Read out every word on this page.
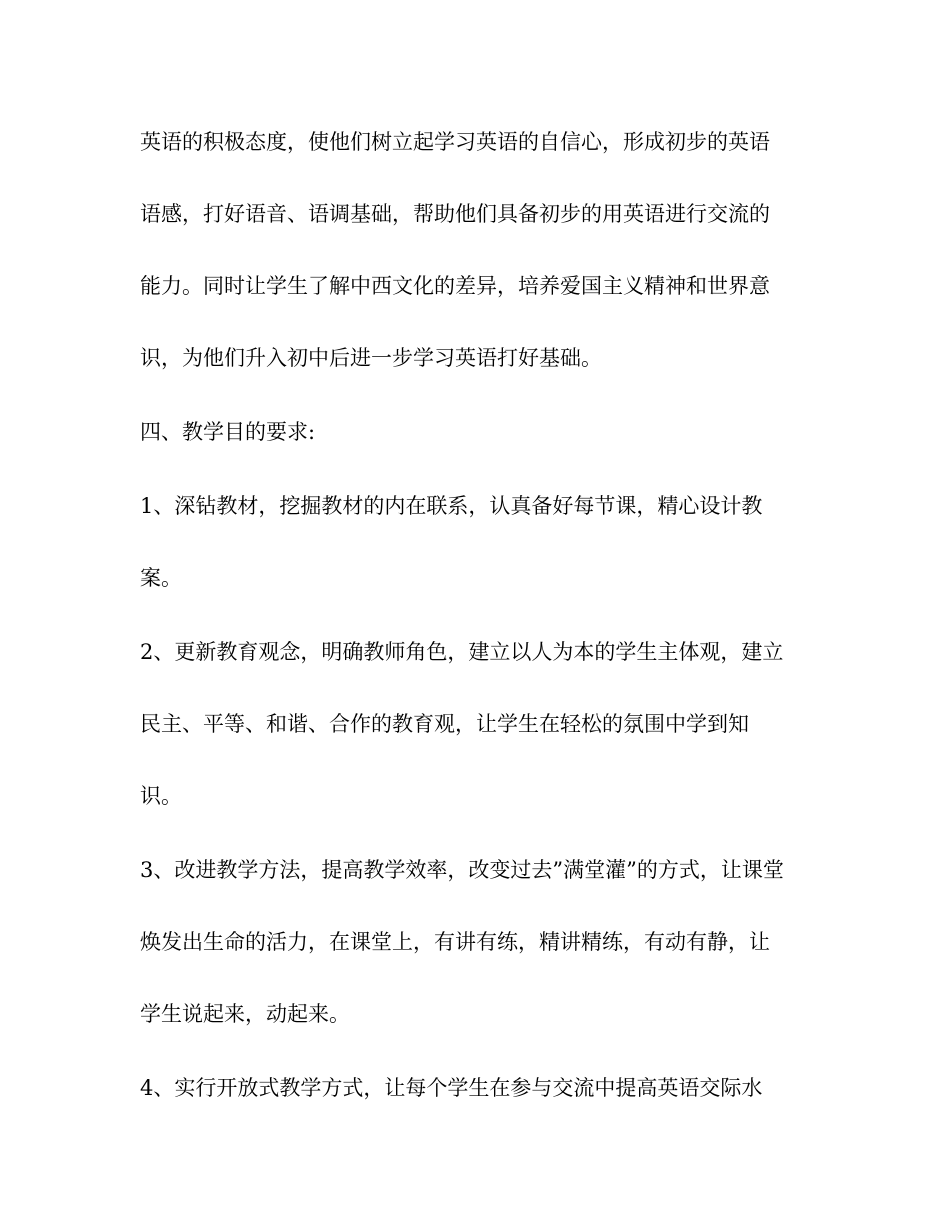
英语的积极态度，使他们树立起学习英语的自信心，形成初步的英语
语感，打好语音、语调基础，帮助他们具备初步的用英语进行交流的
能力。同时让学生了解中西文化的差异，培养爱国主义精神和世界意
识，为他们升入初中后进一步学习英语打好基础。
四、教学目的要求:
1、深钻教材，挖掘教材的内在联系，认真备好每节课，精心设计教
案。
2、更新教育观念，明确教师角色，建立以人为本的学生主体观，建立
民主、平等、和谐、合作的教育观，让学生在轻松的氛围中学到知
识。
3、改进教学方法，提高教学效率，改变过去”满堂灌”的方式，让课堂
焕发出生命的活力，在课堂上，有讲有练，精讲精练，有动有静，让
学生说起来，动起来。
4、实行开放式教学方式，让每个学生在参与交流中提高英语交际水
